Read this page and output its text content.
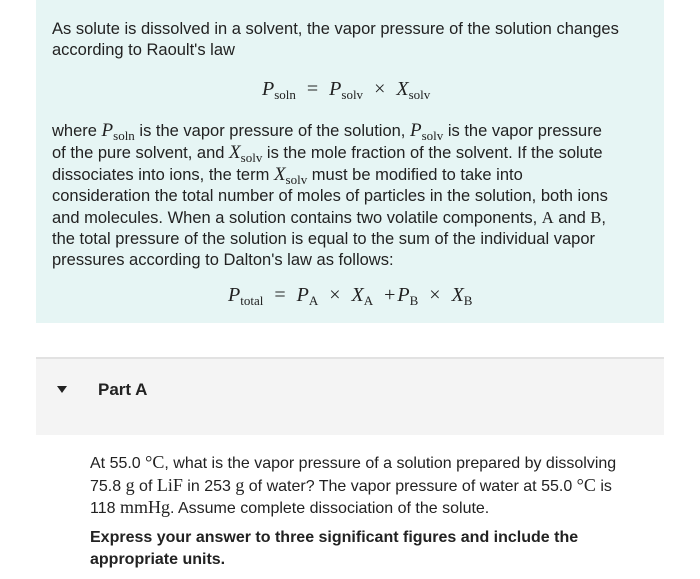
As solute is dissolved in a solvent, the vapor pressure of the solution changes
according to Raoult's law
$P_{soln} = P_{solv} \times X_{solv}$
where $P_{soln}$ is the vapor pressure of the solution, $P_{solv}$ is the vapor pressure
of the pure solvent, and $X_{solv}$ is the mole fraction of the solvent. If the solute
dissociates into ions, the term $X_{solv}$ must be modified to take into
consideration the total number of moles of particles in the solution, both ions
and molecules. When a solution contains two volatile components, A and B,
the total pressure of the solution is equal to the sum of the individual vapor
pressures according to Dalton's law as follows:
$P_{total} = P_A \times X_A + P_B \times X_B$
Part A
At 55.0 °C, what is the vapor pressure of a solution prepared by dissolving
75.8 g of LiF in 253 g of water? The vapor pressure of water at 55.0 °C is
118 mmHg. Assume complete dissociation of the solute.
Express your answer to three significant figures and include the
appropriate units.
